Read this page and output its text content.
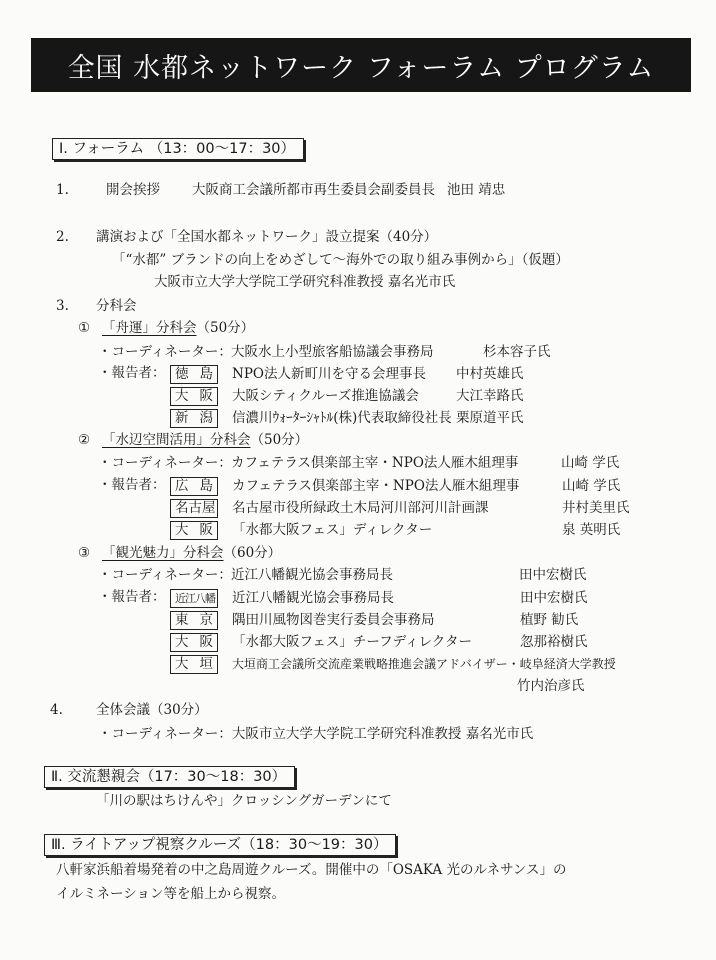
全国 水都ネットワーク フォーラム プログラム
Ⅰ. フォーラム （13：00～17：30）
1.	開会挨拶	大阪商工会議所都市再生委員会副委員長 池田 靖忠
2.	講演および「全国水都ネットワーク」設立提案（40分）
「“水都” ブランドの向上をめざして～海外での取り組み事例から」（仮題）
大阪市立大学大学院工学研究科准教授 嘉名光市氏
3.	分科会
① 「舟運」分科会 （50分）
・コーディネーター： 大阪水上小型旅客船協議会事務局	杉本容子氏
・報告者： 徳島	NPO法人新町川を守る会理事長	中村英雄氏
大阪	大阪シティクルーズ推進協議会	大江幸路氏
新潟	信濃川ｳｫｰﾀｰｼｬﾄﾙ(株)代表取締役社長 栗原道平氏
② 「水辺空間活用」分科会 （50分）
・コーディネーター： カフェテラス倶楽部主宰・NPO法人雁木組理事	山崎 学氏
・報告者： 広島	カフェテラス倶楽部主宰・NPO法人雁木組理事	山崎 学氏
名古屋 名古屋市役所緑政土木局河川部河川計画課	井村美里氏
大阪	「水都大阪フェス」ディレクター	泉 英明氏
③ 「観光魅力」分科会 （60分）
・コーディネーター： 近江八幡観光協会事務局長	田中宏樹氏
・報告者： 近江八幡 近江八幡観光協会事務局長	田中宏樹氏
東京	隅田川風物図巻実行委員会事務局	植野 勧氏
大阪	「水都大阪フェス」チーフディレクター	忽那裕樹氏
大垣	大垣商工会議所交流産業戦略推進会議アドバイザー・岐阜経済大学教授
竹内治彦氏
4.	全体会議（30分）
・コーディネーター：大阪市立大学大学院工学研究科准教授 嘉名光市氏
Ⅱ. 交流懇親会（17：30～18：30）
「川の駅はちけんや」クロッシングガーデンにて
Ⅲ. ライトアップ視察クルーズ（18：30～19：30）
八軒家浜船着場発着の中之島周遊クルーズ。開催中の「OSAKA 光のルネサンス」の
イルミネーション等を船上から視察。
